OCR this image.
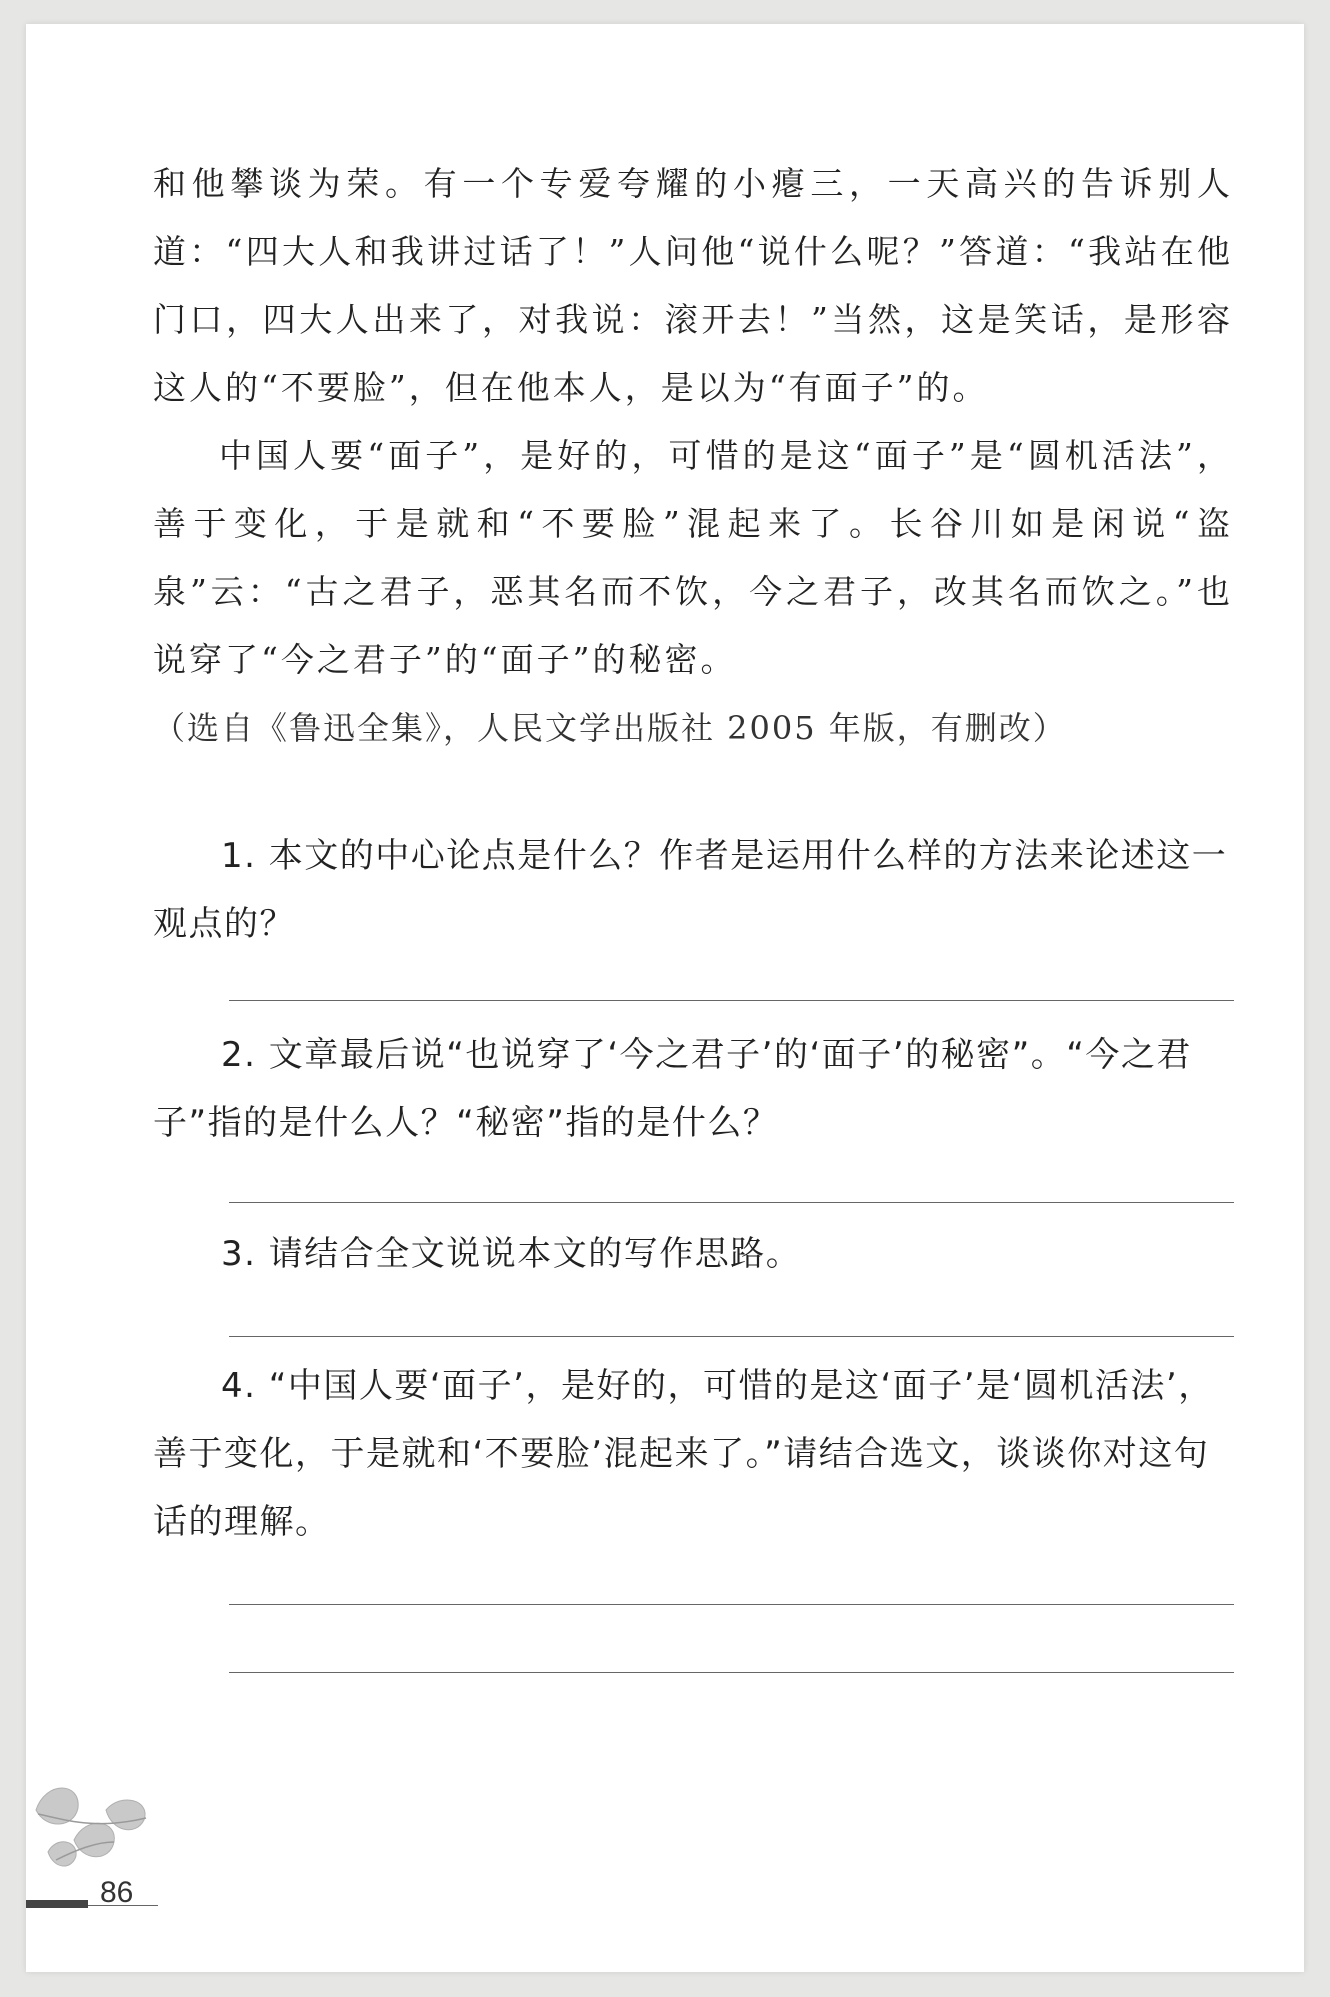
和他攀谈为荣。有一个专爱夸耀的小瘪三，一天高兴的告诉别人道：“四大人和我讲过话了！”人问他“说什么呢？”答道：“我站在他门口，四大人出来了，对我说：滚开去！”当然，这是笑话，是形容这人的“不要脸”，但在他本人，是以为“有面子”的。

中国人要“面子”，是好的，可惜的是这“面子”是“圆机活法”，善于变化，于是就和“不要脸”混起来了。长谷川如是闲说“盗泉”云：“古之君子，恶其名而不饮，今之君子，改其名而饮之。”也说穿了“今之君子”的“面子”的秘密。

（选自《鲁迅全集》，人民文学出版社 2005 年版，有删改）

1. 本文的中心论点是什么？作者是运用什么样的方法来论述这一观点的？

2. 文章最后说“也说穿了‘今之君子’的‘面子’的秘密”。“今之君子”指的是什么人？“秘密”指的是什么？

3. 请结合全文说说本文的写作思路。

4. “中国人要‘面子’，是好的，可惜的是这‘面子’是‘圆机活法’，善于变化，于是就和‘不要脸’混起来了。”请结合选文，谈谈你对这句话的理解。

86
